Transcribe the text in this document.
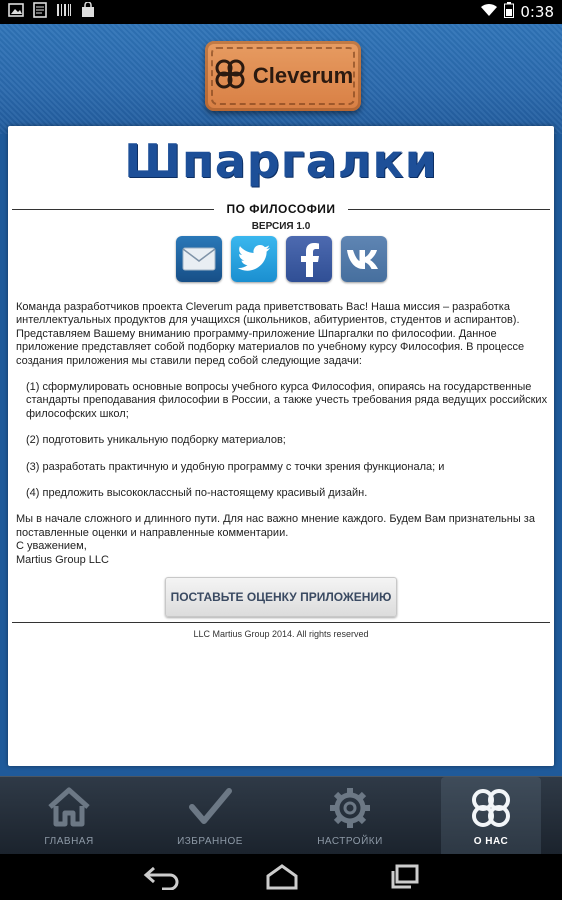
0:38
Cleverum
Шпаргалки
ПО ФИЛОСОФИИ
ВЕРСИЯ 1.0

Команда разработчиков проекта Cleverum рада приветствовать Вас! Наша миссия – разработка интеллектуальных продуктов для учащихся (школьников, абитуриентов, студентов и аспирантов). Представляем Вашему вниманию программу-приложение Шпаргалки по философии. Данное приложение представляет собой подборку материалов по учебному курсу Философия. В процессе создания приложения мы ставили перед собой следующие задачи:

(1) сформулировать основные вопросы учебного курса Философия, опираясь на государственные стандарты преподавания философии в России, а также учесть требования ряда ведущих российских философских школ;

(2) подготовить уникальную подборку материалов;

(3) разработать практичную и удобную программу с точки зрения функционала; и

(4) предложить высококлассный по-настоящему красивый дизайн.

Мы в начале сложного и длинного пути. Для нас важно мнение каждого. Будем Вам признательны за поставленные оценки и направленные комментарии.

С уважением,

Martius Group LLC

ПОСТАВЬТЕ ОЦЕНКУ ПРИЛОЖЕНИЮ
LLC Martius Group 2014. All rights reserved
ГЛАВНАЯ	ИЗБРАННОЕ	НАСТРОЙКИ	О НАС
